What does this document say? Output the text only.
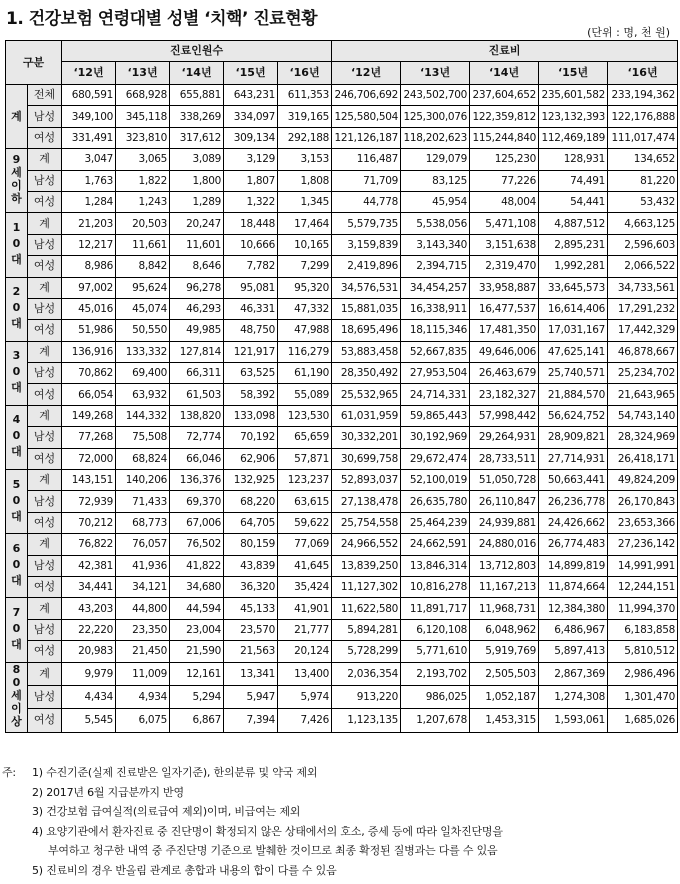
1. 건강보험 연령대별 성별 ‘치핵’ 진료현황
(단위 : 명, 천 원)
구분		진료인원수					진료비				
		‘12년	‘13년	‘14년	‘15년	‘16년	‘12년	‘13년	‘14년	‘15년	‘16년
계	전체	680,591	668,928	655,881	643,231	611,353	246,706,692	243,502,700	237,604,652	235,601,582	233,194,362
	남성	349,100	345,118	338,269	334,097	319,165	125,580,504	125,300,076	122,359,812	123,132,393	122,176,888
	여성	331,491	323,810	317,612	309,134	292,188	121,126,187	118,202,623	115,244,840	112,469,189	111,017,474
9세이하	계	3,047	3,065	3,089	3,129	3,153	116,487	129,079	125,230	128,931	134,652
	남성	1,763	1,822	1,800	1,807	1,808	71,709	83,125	77,226	74,491	81,220
	여성	1,284	1,243	1,289	1,322	1,345	44,778	45,954	48,004	54,441	53,432
10대	계	21,203	20,503	20,247	18,448	17,464	5,579,735	5,538,056	5,471,108	4,887,512	4,663,125
	남성	12,217	11,661	11,601	10,666	10,165	3,159,839	3,143,340	3,151,638	2,895,231	2,596,603
	여성	8,986	8,842	8,646	7,782	7,299	2,419,896	2,394,715	2,319,470	1,992,281	2,066,522
20대	계	97,002	95,624	96,278	95,081	95,320	34,576,531	34,454,257	33,958,887	33,645,573	34,733,561
	남성	45,016	45,074	46,293	46,331	47,332	15,881,035	16,338,911	16,477,537	16,614,406	17,291,232
	여성	51,986	50,550	49,985	48,750	47,988	18,695,496	18,115,346	17,481,350	17,031,167	17,442,329
30대	계	136,916	133,332	127,814	121,917	116,279	53,883,458	52,667,835	49,646,006	47,625,141	46,878,667
	남성	70,862	69,400	66,311	63,525	61,190	28,350,492	27,953,504	26,463,679	25,740,571	25,234,702
	여성	66,054	63,932	61,503	58,392	55,089	25,532,965	24,714,331	23,182,327	21,884,570	21,643,965
40대	계	149,268	144,332	138,820	133,098	123,530	61,031,959	59,865,443	57,998,442	56,624,752	54,743,140
	남성	77,268	75,508	72,774	70,192	65,659	30,332,201	30,192,969	29,264,931	28,909,821	28,324,969
	여성	72,000	68,824	66,046	62,906	57,871	30,699,758	29,672,474	28,733,511	27,714,931	26,418,171
50대	계	143,151	140,206	136,376	132,925	123,237	52,893,037	52,100,019	51,050,728	50,663,441	49,824,209
	남성	72,939	71,433	69,370	68,220	63,615	27,138,478	26,635,780	26,110,847	26,236,778	26,170,843
	여성	70,212	68,773	67,006	64,705	59,622	25,754,558	25,464,239	24,939,881	24,426,662	23,653,366
60대	계	76,822	76,057	76,502	80,159	77,069	24,966,552	24,662,591	24,880,016	26,774,483	27,236,142
	남성	42,381	41,936	41,822	43,839	41,645	13,839,250	13,846,314	13,712,803	14,899,819	14,991,991
	여성	34,441	34,121	34,680	36,320	35,424	11,127,302	10,816,278	11,167,213	11,874,664	12,244,151
70대	계	43,203	44,800	44,594	45,133	41,901	11,622,580	11,891,717	11,968,731	12,384,380	11,994,370
	남성	22,220	23,350	23,004	23,570	21,777	5,894,281	6,120,108	6,048,962	6,486,967	6,183,858
	여성	20,983	21,450	21,590	21,563	20,124	5,728,299	5,771,610	5,919,769	5,897,413	5,810,512
80세이상	계	9,979	11,009	12,161	13,341	13,400	2,036,354	2,193,702	2,505,503	2,867,369	2,986,496
	남성	4,434	4,934	5,294	5,947	5,974	913,220	986,025	1,052,187	1,274,308	1,301,470
	여성	5,545	6,075	6,867	7,394	7,426	1,123,135	1,207,678	1,453,315	1,593,061	1,685,026
주: 1) 수진기준(실제 진료받은 일자기준), 한의분류 및 약국 제외
2) 2017년 6월 지급분까지 반영
3) 건강보험 급여실적(의료급여 제외)이며, 비급여는 제외
4) 요양기관에서 환자진료 중 진단명이 확정되지 않은 상태에서의 호소, 증세 등에 따라 일차진단명을
부여하고 청구한 내역 중 주진단명 기준으로 발췌한 것이므로 최종 확정된 질병과는 다를 수 있음
5) 진료비의 경우 반올림 관계로 총합과 내용의 합이 다를 수 있음
